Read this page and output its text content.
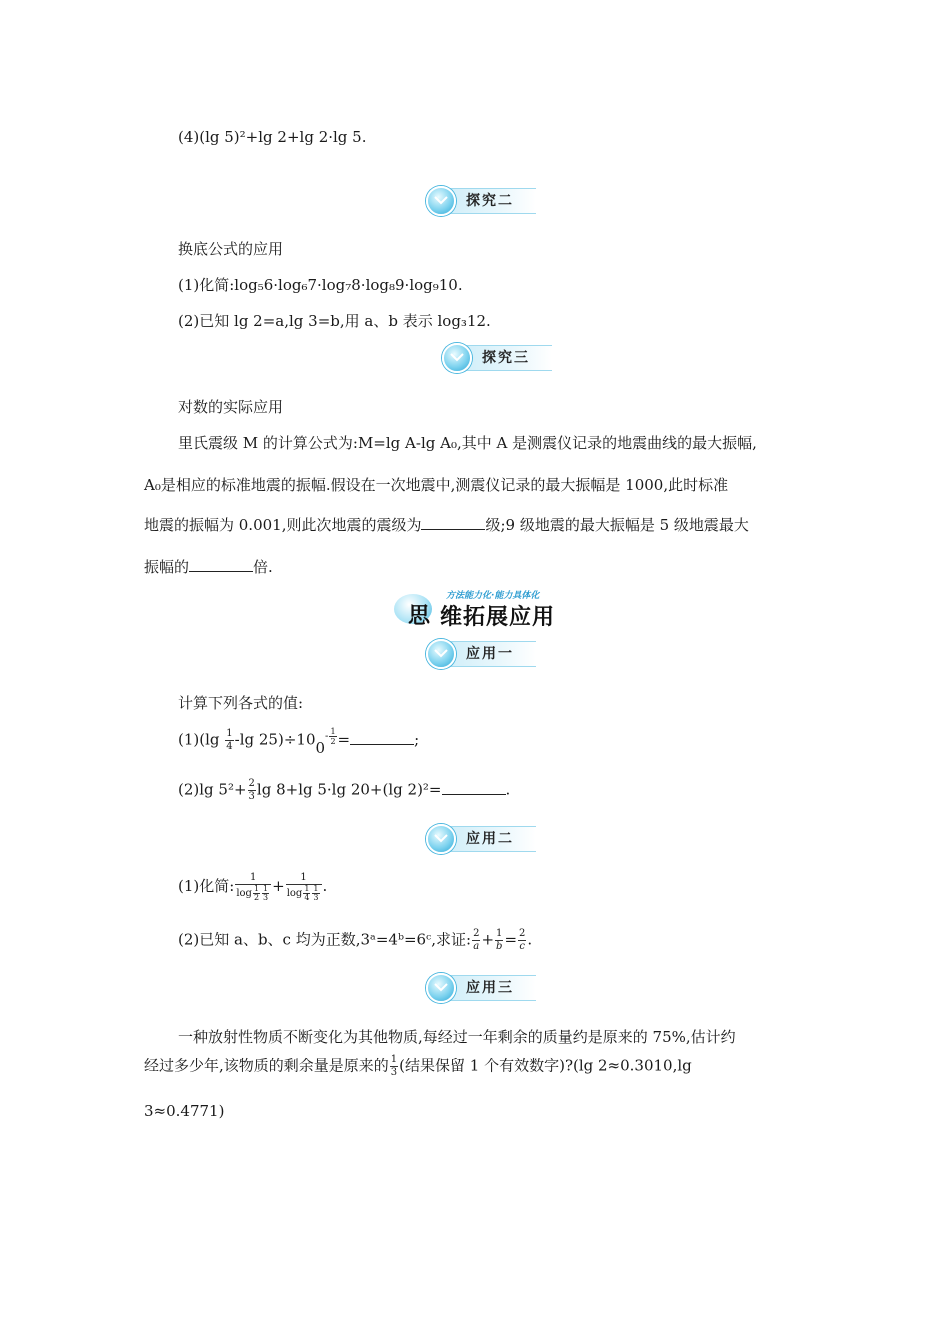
(4)(lg 5)²+lg 2+lg 2·lg 5.
探究二
换底公式的应用
(1)化简:log₅6·log₆7·log₇8·log₈9·log₉10.
(2)已知 lg 2=a,lg 3=b,用 a、b 表示 log₃12.
探究三
对数的实际应用
里氏震级 M 的计算公式为:M=lg A-lg A₀,其中 A 是测震仪记录的地震曲线的最大振幅,
A₀是相应的标准地震的振幅.假设在一次地震中,测震仪记录的最大振幅是 1000,此时标准
地震的振幅为 0.001,则此次地震的震级为	级;9 级地震的最大振幅是 5 级地震最大
振幅的	倍.
思
方法能力化·能力具体化
维拓展应用
应用一
计算下列各式的值:
$(1)(\lg \frac{1}{4} -\lg$ $25)\div 100^{- \frac{1}{2}}$ =	;
(2)lg $5^2+ \frac{2}{3}$ lg 8+lg 5·lg 20+(lg 2)²=	.
应用二
(1)化简: $\frac{1}{\log \frac{1}{2} \frac{1}{3}} + \frac{1}{\log \frac{1}{4} \frac{1}{3}}$ .
(2)已知 a、b、c 均为正数,3ᵃ=4ᵇ=6ᶜ,求证: $\frac{2}{a} + \frac{1}{b} = \frac{2}{c}$ .
应用三
一种放射性物质不断变化为其他物质,每经过一年剩余的质量约是原来的 75%,估计约
经过多少年,该物质的剩余量是原来的 $\frac{1}{3}$ (结果保留 1 个有效数字)?(lg 2≈0.3010,lg
3≈0.4771)
